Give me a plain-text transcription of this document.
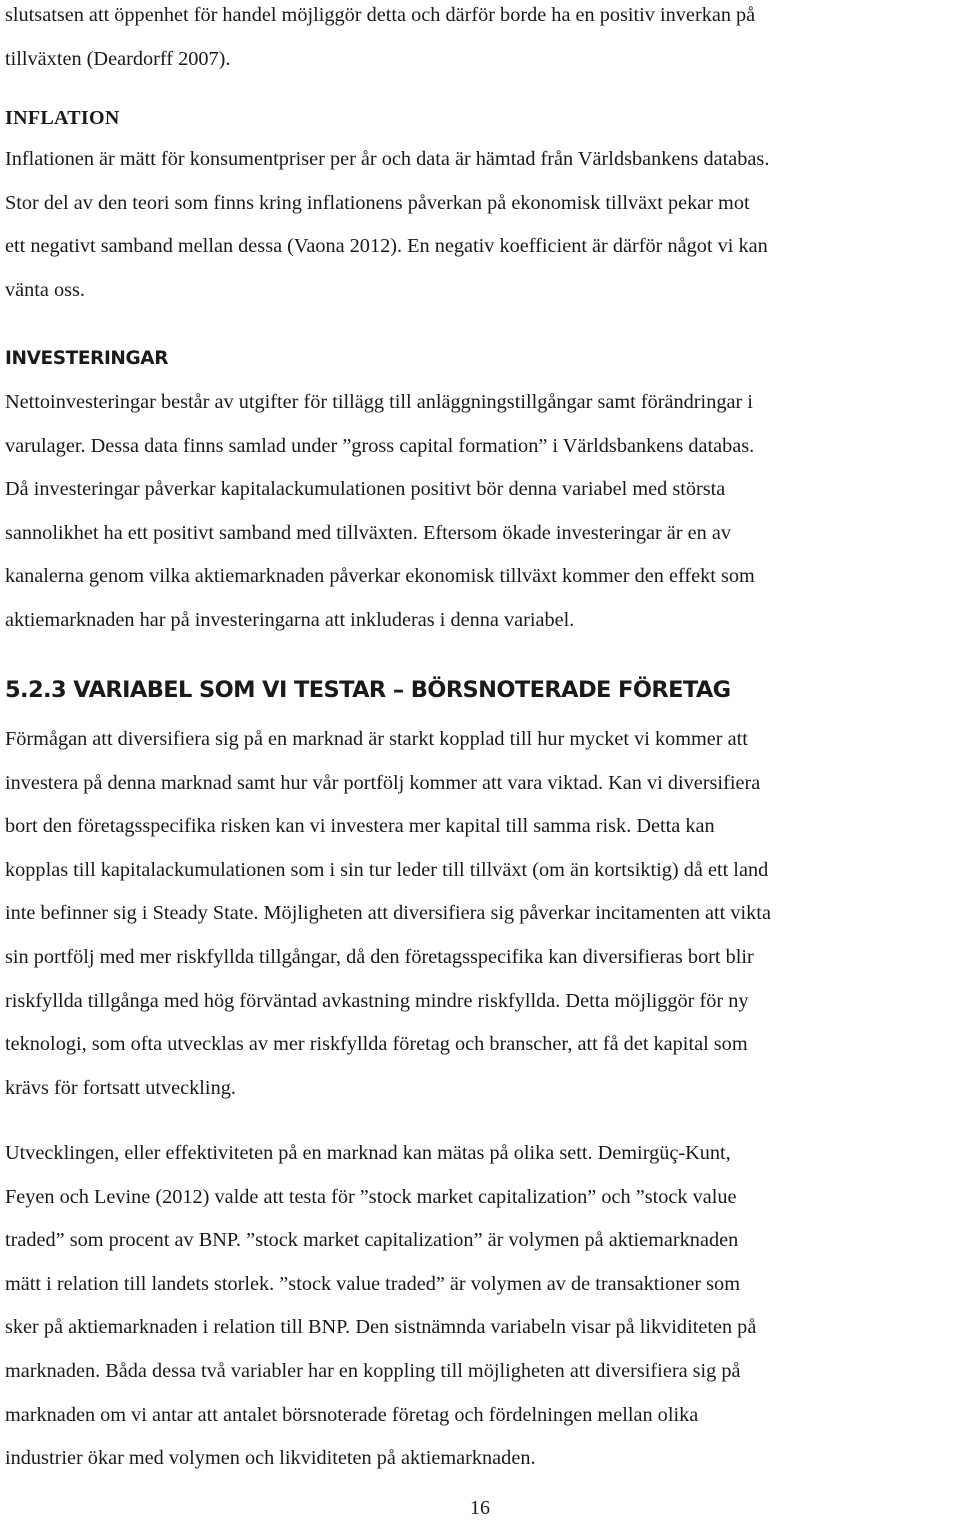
slutsatsen att öppenhet för handel möjliggör detta och därför borde ha en positiv inverkan på

tillväxten (Deardorff 2007).

INFLATION

Inflationen är mätt för konsumentpriser per år och data är hämtad från Världsbankens databas.

Stor del av den teori som finns kring inflationens påverkan på ekonomisk tillväxt pekar mot

ett negativt samband mellan dessa (Vaona 2012). En negativ koefficient är därför något vi kan

vänta oss.

INVESTERINGAR

Nettoinvesteringar består av utgifter för tillägg till anläggningstillgångar samt förändringar i

varulager. Dessa data finns samlad under ”gross capital formation” i Världsbankens databas.

Då investeringar påverkar kapitalackumulationen positivt bör denna variabel med största

sannolikhet ha ett positivt samband med tillväxten. Eftersom ökade investeringar är en av

kanalerna genom vilka aktiemarknaden påverkar ekonomisk tillväxt kommer den effekt som

aktiemarknaden har på investeringarna att inkluderas i denna variabel.

5.2.3 VARIABEL SOM VI TESTAR – BÖRSNOTERADE FÖRETAG

Förmågan att diversifiera sig på en marknad är starkt kopplad till hur mycket vi kommer att

investera på denna marknad samt hur vår portfölj kommer att vara viktad. Kan vi diversifiera

bort den företagsspecifika risken kan vi investera mer kapital till samma risk. Detta kan

kopplas till kapitalackumulationen som i sin tur leder till tillväxt (om än kortsiktig) då ett land

inte befinner sig i Steady State. Möjligheten att diversifiera sig påverkar incitamenten att vikta

sin portfölj med mer riskfyllda tillgångar, då den företagsspecifika kan diversifieras bort blir

riskfyllda tillgånga med hög förväntad avkastning mindre riskfyllda. Detta möjliggör för ny

teknologi, som ofta utvecklas av mer riskfyllda företag och branscher, att få det kapital som

krävs för fortsatt utveckling.

Utvecklingen, eller effektiviteten på en marknad kan mätas på olika sett. Demirgüç-Kunt,

Feyen och Levine (2012) valde att testa för ”stock market capitalization” och ”stock value

traded” som procent av BNP. ”stock market capitalization” är volymen på aktiemarknaden

mätt i relation till landets storlek. ”stock value traded” är volymen av de transaktioner som

sker på aktiemarknaden i relation till BNP. Den sistnämnda variabeln visar på likviditeten på

marknaden. Båda dessa två variabler har en koppling till möjligheten att diversifiera sig på

marknaden om vi antar att antalet börsnoterade företag och fördelningen mellan olika

industrier ökar med volymen och likviditeten på aktiemarknaden.

16
